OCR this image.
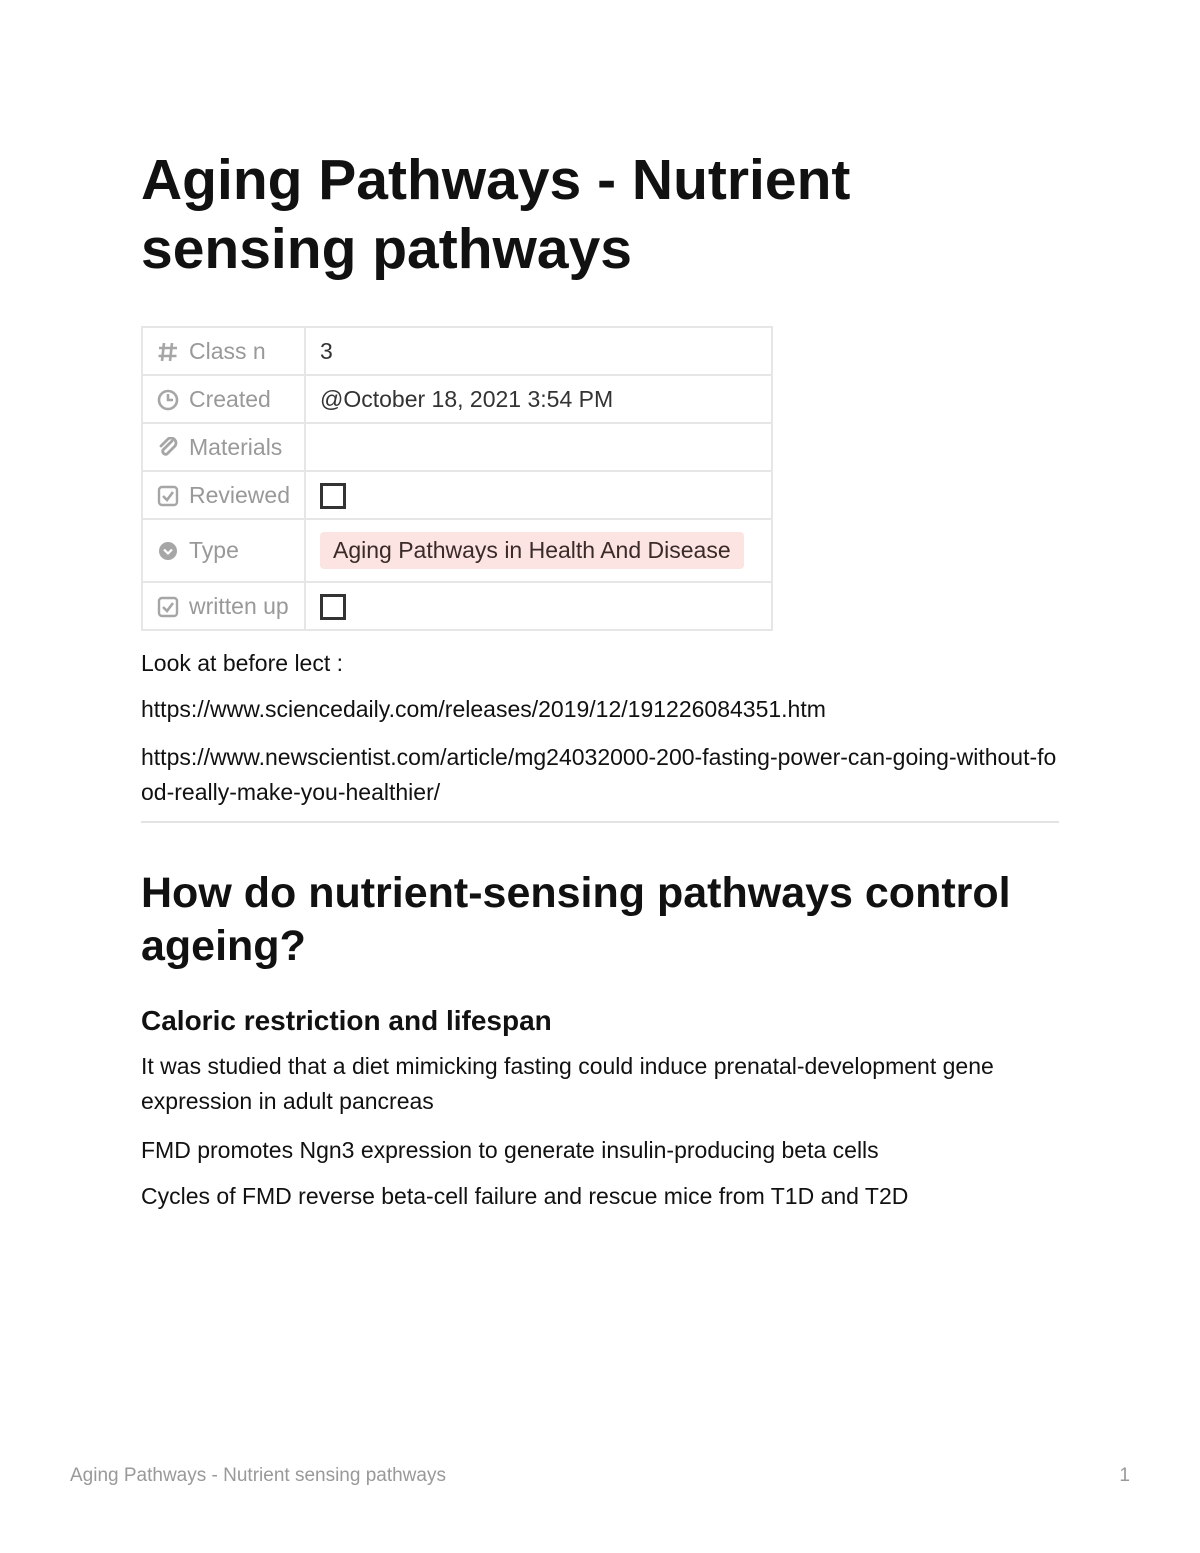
Aging Pathways - Nutrient sensing pathways
Class n	3

Created	@October 18, 2021 3:54 PM

Materials	

Reviewed	

Type	Aging Pathways in Health And Disease

written up	

Look at before lect :

https://www.sciencedaily.com/releases/2019/12/191226084351.htm

https://www.newscientist.com/article/mg24032000-200-fasting-power-can-going-without-food-really-make-you-healthier/

How do nutrient-sensing pathways control ageing?
Caloric restriction and lifespan

It was studied that a diet mimicking fasting could induce prenatal-development gene expression in adult pancreas

FMD promotes Ngn3 expression to generate insulin-producing beta cells

Cycles of FMD reverse beta-cell failure and rescue mice from T1D and T2D

Aging Pathways - Nutrient sensing pathways	1
